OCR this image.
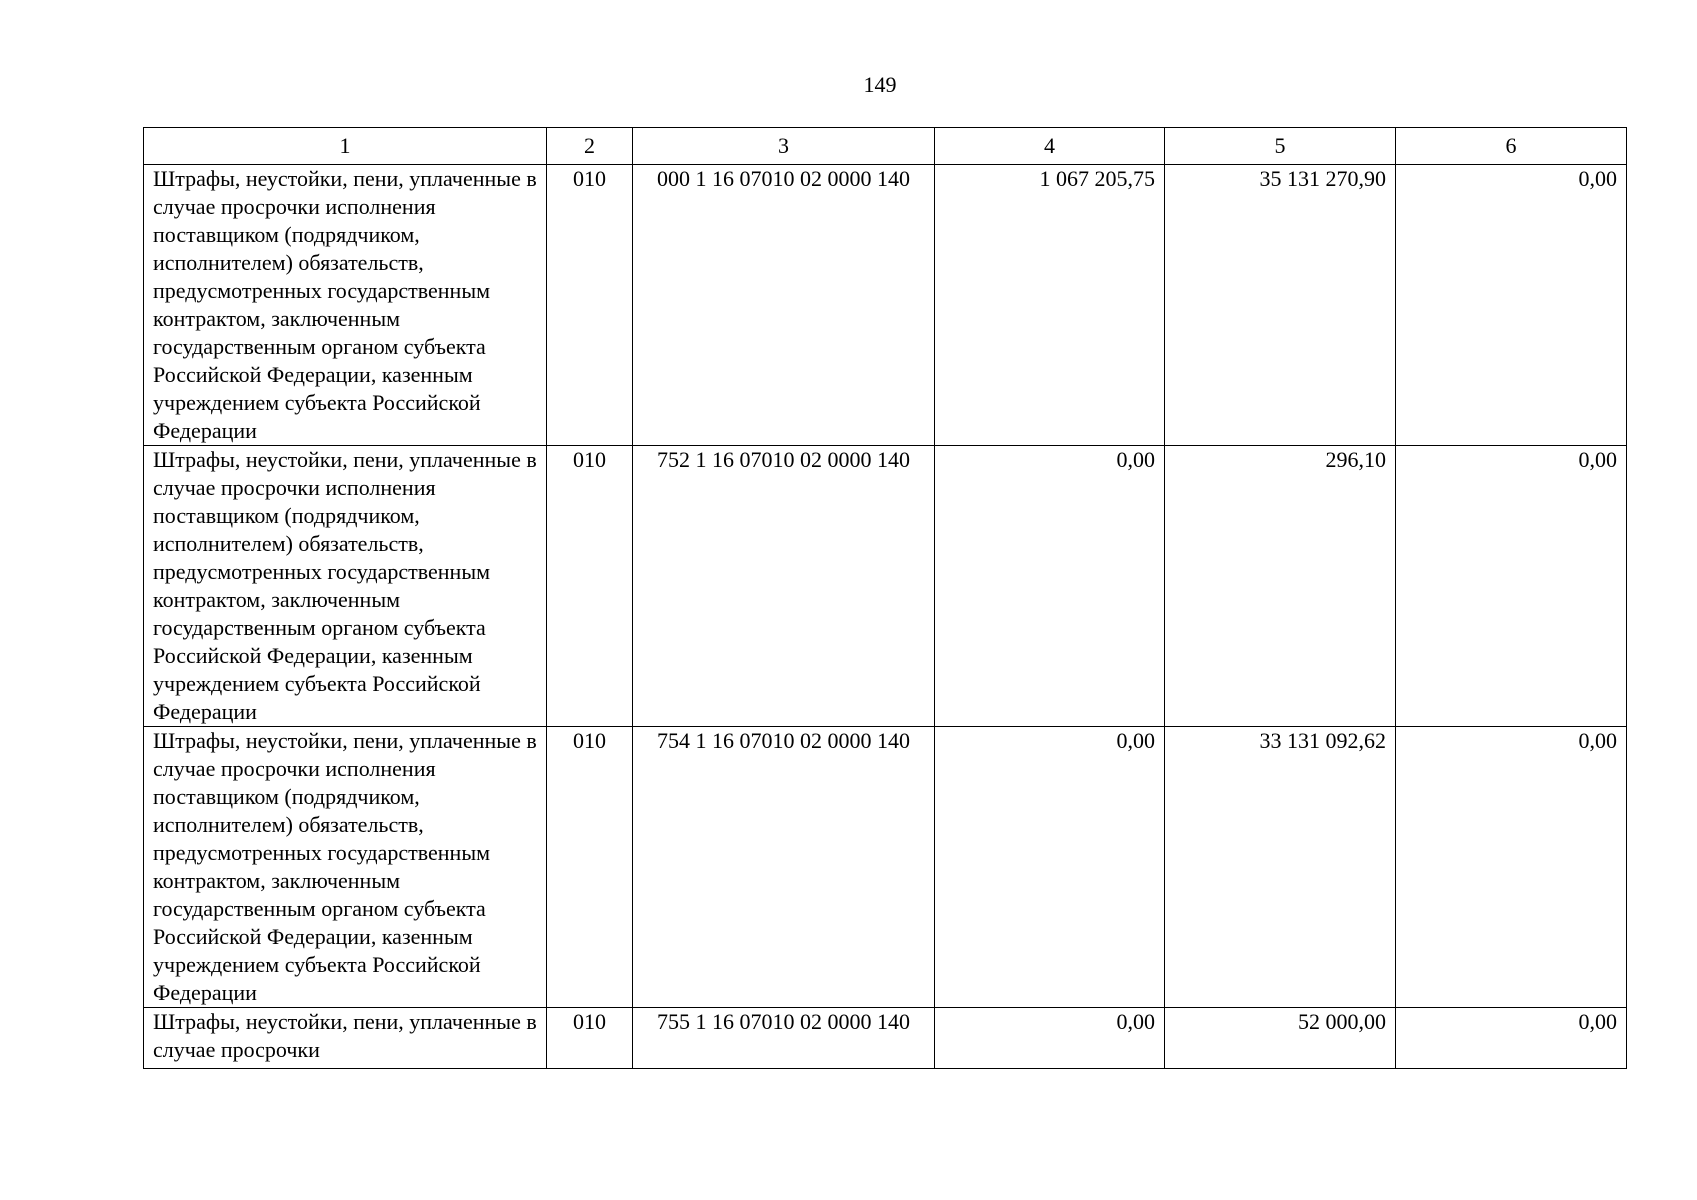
149
1	2	3	4	5	6
Штрафы, неустойки, пени, уплаченные в случае просрочки исполнения поставщиком (подрядчиком, исполнителем) обязательств, предусмотренных государственным контрактом, заключенным государственным органом субъекта Российской Федерации, казенным учреждением субъекта Российской Федерации	010	000 1 16 07010 02 0000 140	1 067 205,75	35 131 270,90	0,00
Штрафы, неустойки, пени, уплаченные в случае просрочки исполнения поставщиком (подрядчиком, исполнителем) обязательств, предусмотренных государственным контрактом, заключенным государственным органом субъекта Российской Федерации, казенным учреждением субъекта Российской Федерации	010	752 1 16 07010 02 0000 140	0,00	296,10	0,00
Штрафы, неустойки, пени, уплаченные в случае просрочки исполнения поставщиком (подрядчиком, исполнителем) обязательств, предусмотренных государственным контрактом, заключенным государственным органом субъекта Российской Федерации, казенным учреждением субъекта Российской Федерации	010	754 1 16 07010 02 0000 140	0,00	33 131 092,62	0,00
Штрафы, неустойки, пени, уплаченные в случае просрочки	010	755 1 16 07010 02 0000 140	0,00	52 000,00	0,00
